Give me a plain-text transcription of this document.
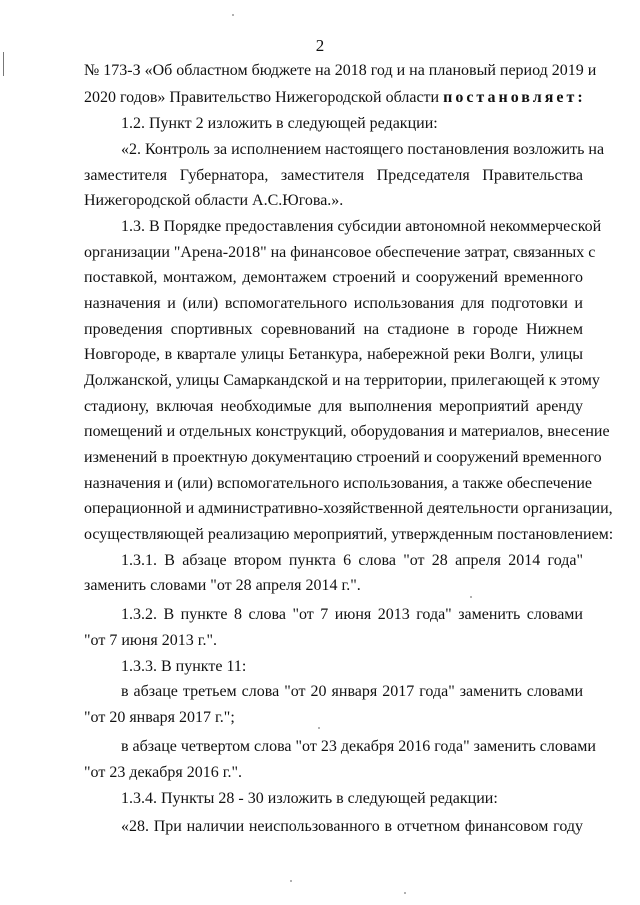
2
№ 173-З «Об областном бюджете на 2018 год и на плановый период 2019 и
2020 годов» Правительство Нижегородской области постановляет:
1.2. Пункт 2 изложить в следующей редакции:
«2. Контроль за исполнением настоящего постановления возложить на
заместителя Губернатора, заместителя Председателя Правительства
Нижегородской области А.С.Югова.».
1.3. В Порядке предоставления субсидии автономной некоммерческой
организации "Арена-2018" на финансовое обеспечение затрат, связанных с
поставкой, монтажом, демонтажем строений и сооружений временного
назначения и (или) вспомогательного использования для подготовки и
проведения спортивных соревнований на стадионе в городе Нижнем
Новгороде, в квартале улицы Бетанкура, набережной реки Волги, улицы
Должанской, улицы Самаркандской и на территории, прилегающей к этому
стадиону, включая необходимые для выполнения мероприятий аренду
помещений и отдельных конструкций, оборудования и материалов, внесение
изменений в проектную документацию строений и сооружений временного
назначения и (или) вспомогательного использования, а также обеспечение
операционной и административно-хозяйственной деятельности организации,
осуществляющей реализацию мероприятий, утвержденным постановлением:
1.3.1. В абзаце втором пункта 6 слова "от 28 апреля 2014 года"
заменить словами "от 28 апреля 2014 г.".
1.3.2. В пункте 8 слова "от 7 июня 2013 года" заменить словами
"от 7 июня 2013 г.".
1.3.3. В пункте 11:
в абзаце третьем слова "от 20 января 2017 года" заменить словами
"от 20 января 2017 г.";
в абзаце четвертом слова "от 23 декабря 2016 года" заменить словами
"от 23 декабря 2016 г.".
1.3.4. Пункты 28 - 30 изложить в следующей редакции:
«28. При наличии неиспользованного в отчетном финансовом году
